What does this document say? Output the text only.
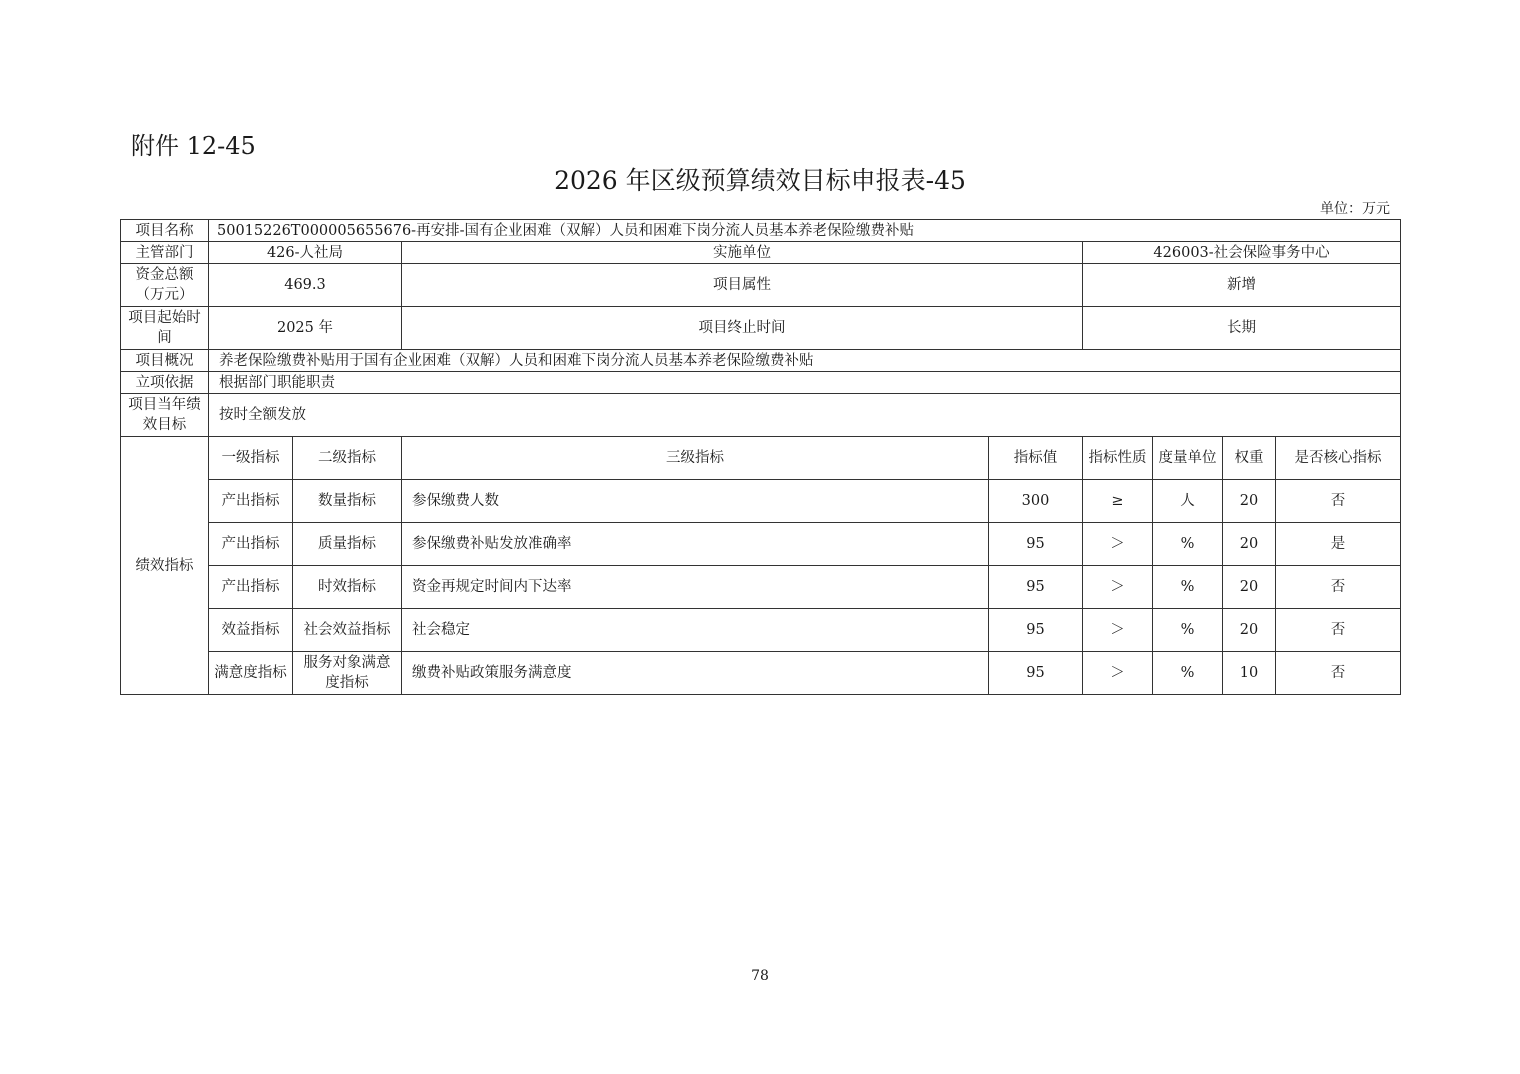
附件 12-45
2026 年区级预算绩效目标申报表-45
单位：万元
项目名称	50015226T000005655676-再安排-国有企业困难（双解）人员和困难下岗分流人员基本养老保险缴费补贴							
主管部门	426-人社局		实施单位		426003-社会保险事务中心			
资金总额（万元）	469.3		项目属性		新增			
项目起始时间	2025 年		项目终止时间		长期			
项目概况	养老保险缴费补贴用于国有企业困难（双解）人员和困难下岗分流人员基本养老保险缴费补贴							
立项依据	根据部门职能职责							
项目当年绩效目标	按时全额发放							
绩效指标	一级指标	二级指标	三级指标	指标值	指标性质	度量单位	权重	是否核心指标
	产出指标	数量指标	参保缴费人数	300	≥	人	20	否
	产出指标	质量指标	参保缴费补贴发放准确率	95	＞	%	20	是
	产出指标	时效指标	资金再规定时间内下达率	95	＞	%	20	否
	效益指标	社会效益指标	社会稳定	95	＞	%	20	否
	满意度指标	服务对象满意度指标	缴费补贴政策服务满意度	95	＞	%	10	否
78
